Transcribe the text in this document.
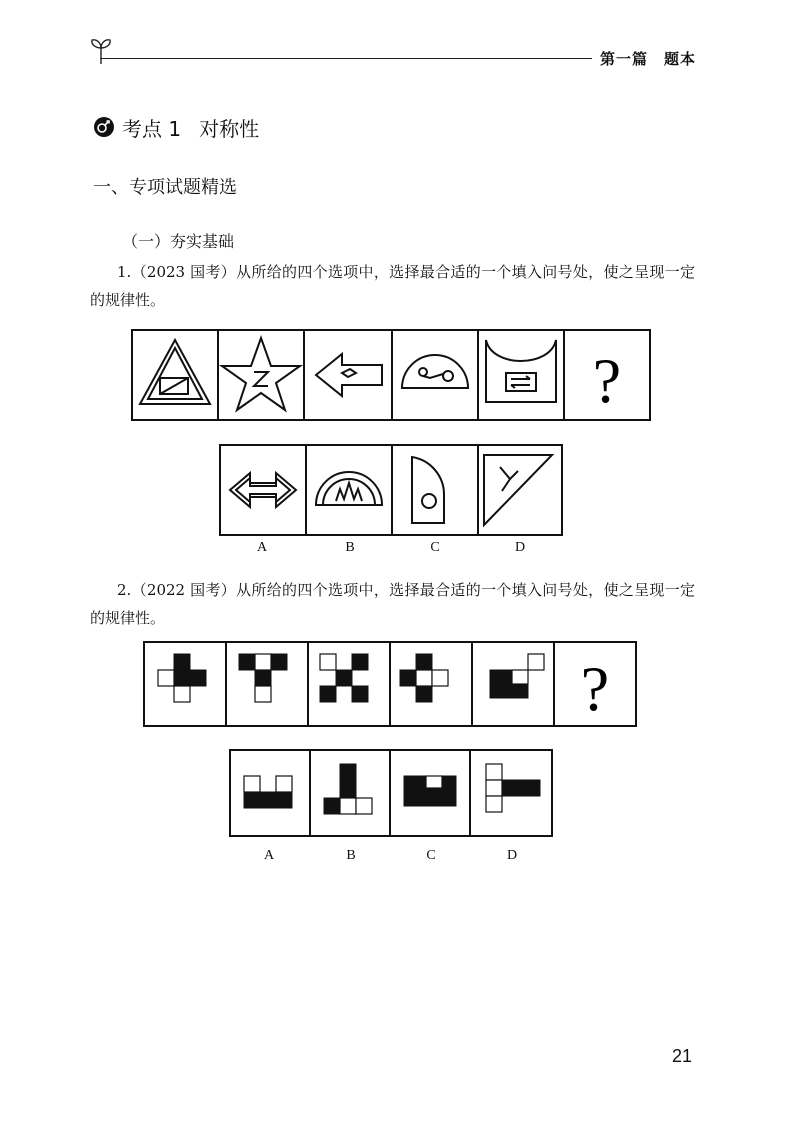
第一篇　题本
考点 1 对称性
一、专项试题精选
（一）夯实基础
1.（2023 国考）从所给的四个选项中，选择最合适的一个填入问号处，使之呈现一定的规律性。
?
A	B	C	D
2.（2022 国考）从所给的四个选项中，选择最合适的一个填入问号处，使之呈现一定的规律性。
?
A	B	C	D
21
